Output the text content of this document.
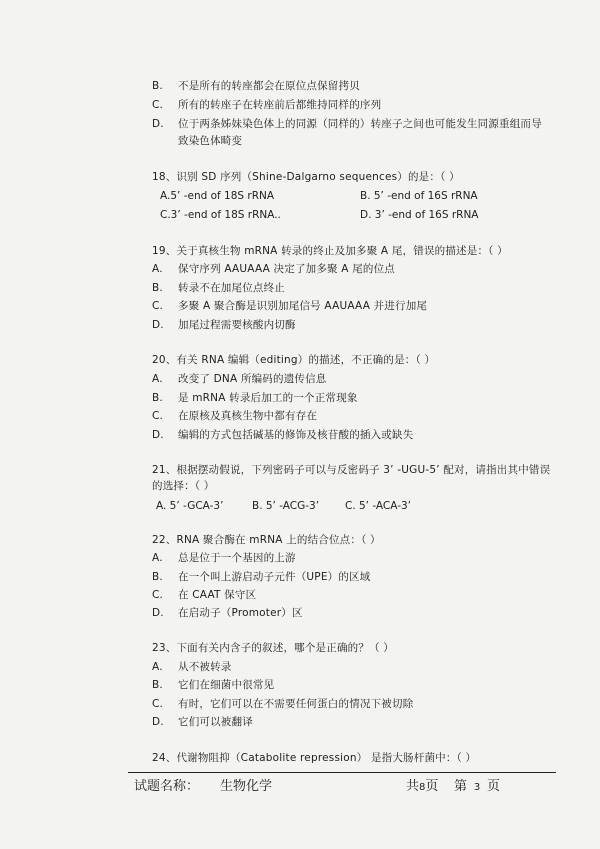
B. 不是所有的转座都会在原位点保留拷贝
C. 所有的转座子在转座前后都维持同样的序列
D. 位于两条姊妹染色体上的同源（同样的）转座子之间也可能发生同源重组而导
致染色体畸变
18、识别 SD 序列（Shine-Dalgarno sequences）的是：（ ）
A.5’ -end of 18S rRNA	B. 5’ -end of 16S rRNA
C.3’ -end of 18S rRNA..	D. 3’ -end of 16S rRNA
19、关于真核生物 mRNA 转录的终止及加多聚 A 尾，错误的描述是：（ ）
A. 保守序列 AAUAAA 决定了加多聚 A 尾的位点
B. 转录不在加尾位点终止
C. 多聚 A 聚合酶是识别加尾信号 AAUAAA 并进行加尾
D. 加尾过程需要核酸内切酶
20、有关 RNA 编辑（editing）的描述，不正确的是：（ ）
A. 改变了 DNA 所编码的遗传信息
B. 是 mRNA 转录后加工的一个正常现象
C. 在原核及真核生物中都有存在
D. 编辑的方式包括碱基的修饰及核苷酸的插入或缺失
21、根据摆动假说，下列密码子可以与反密码子 3’ -UGU-5’ 配对，请指出其中错误
的选择：（ ）
A. 5’ -GCA-3’	B. 5’ -ACG-3’ C. 5’ -ACA-3’
22、RNA 聚合酶在 mRNA 上的结合位点：（ ）
A. 总是位于一个基因的上游
B. 在一个叫上游启动子元件（UPE）的区域
C. 在 CAAT 保守区
D. 在启动子（Promoter）区
23、下面有关内含子的叙述，哪个是正确的？（ ）
A. 从不被转录
B. 它们在细菌中很常见
C. 有时，它们可以在不需要任何蛋白的情况下被切除
D. 它们可以被翻译
24、代谢物阻抑（Catabolite repression） 是指大肠杆菌中：（ ）
试题名称： 生物化学	共8页 第 3 页
